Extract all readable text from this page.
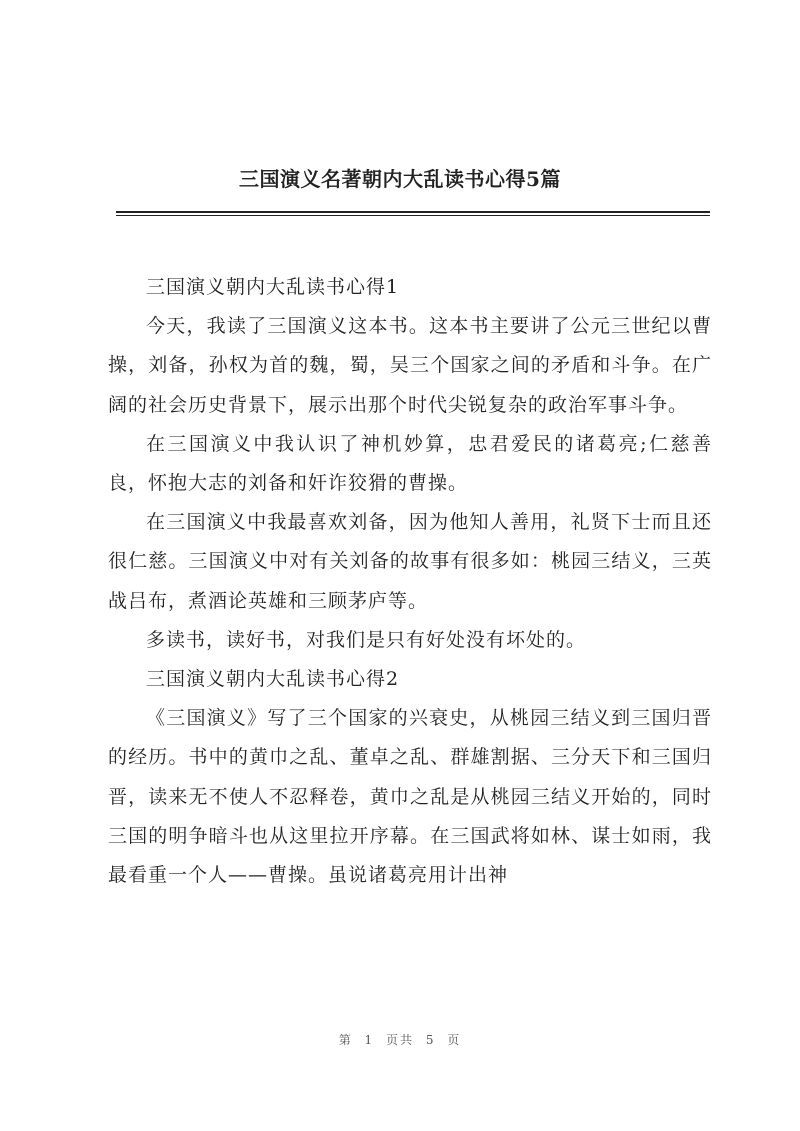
三国演义名著朝内大乱读书心得5篇

三国演义朝内大乱读书心得1

今天，我读了三国演义这本书。这本书主要讲了公元三世纪以曹操，刘备，孙权为首的魏，蜀，吴三个国家之间的矛盾和斗争。在广阔的社会历史背景下，展示出那个时代尖锐复杂的政治军事斗争。

在三国演义中我认识了神机妙算，忠君爱民的诸葛亮;仁慈善良，怀抱大志的刘备和奸诈狡猾的曹操。

在三国演义中我最喜欢刘备，因为他知人善用，礼贤下士而且还很仁慈。三国演义中对有关刘备的故事有很多如：桃园三结义，三英战吕布，煮酒论英雄和三顾茅庐等。

多读书，读好书，对我们是只有好处没有坏处的。

三国演义朝内大乱读书心得2

《三国演义》写了三个国家的兴衰史，从桃园三结义到三国归晋的经历。书中的黄巾之乱、董卓之乱、群雄割据、三分天下和三国归晋，读来无不使人不忍释卷，黄巾之乱是从桃园三结义开始的，同时三国的明争暗斗也从这里拉开序幕。在三国武将如林、谋士如雨，我最看重一个人——曹操。虽说诸葛亮用计出神

第 1 页共 5 页
